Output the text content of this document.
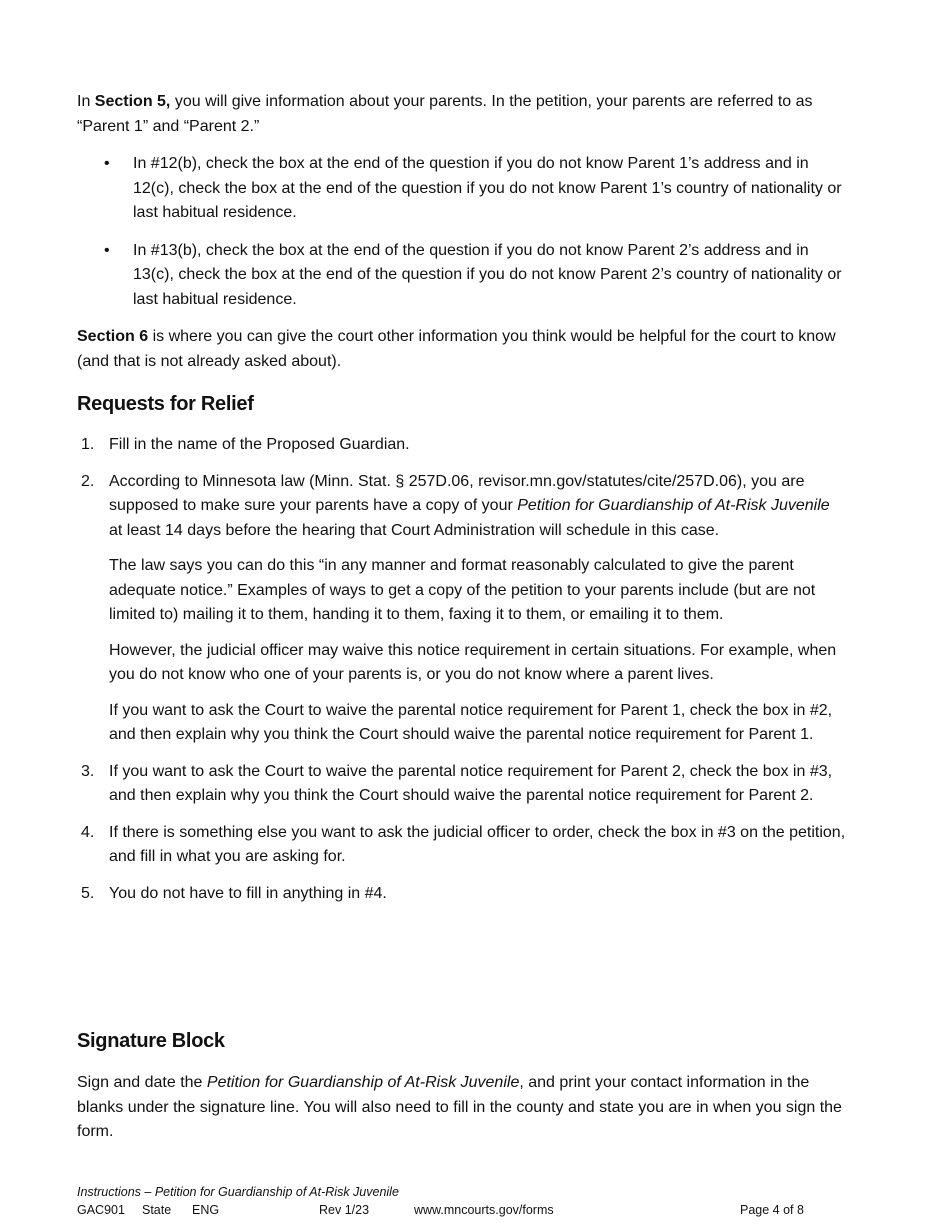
In Section 5, you will give information about your parents. In the petition, your parents are referred to as “Parent 1” and “Parent 2.”

• In #12(b), check the box at the end of the question if you do not know Parent 1’s address and in 12(c), check the box at the end of the question if you do not know Parent 1’s country of nationality or last habitual residence.
• In #13(b), check the box at the end of the question if you do not know Parent 2’s address and in 13(c), check the box at the end of the question if you do not know Parent 2’s country of nationality or last habitual residence.

Section 6 is where you can give the court other information you think would be helpful for the court to know (and that is not already asked about).

Requests for Relief
1. Fill in the name of the Proposed Guardian.
2. According to Minnesota law (Minn. Stat. § 257D.06, revisor.mn.gov/statutes/cite/257D.06), you are supposed to make sure your parents have a copy of your Petition for Guardianship of At-Risk Juvenile at least 14 days before the hearing that Court Administration will schedule in this case.
The law says you can do this “in any manner and format reasonably calculated to give the parent adequate notice.” Examples of ways to get a copy of the petition to your parents include (but are not limited to) mailing it to them, handing it to them, faxing it to them, or emailing it to them.
However, the judicial officer may waive this notice requirement in certain situations. For example, when you do not know who one of your parents is, or you do not know where a parent lives.
If you want to ask the Court to waive the parental notice requirement for Parent 1, check the box in #2, and then explain why you think the Court should waive the parental notice requirement for Parent 1.
3. If you want to ask the Court to waive the parental notice requirement for Parent 2, check the box in #3, and then explain why you think the Court should waive the parental notice requirement for Parent 2.
4. If there is something else you want to ask the judicial officer to order, check the box in #3 on the petition, and fill in what you are asking for.
5. You do not have to fill in anything in #4.
Signature Block

Sign and date the Petition for Guardianship of At-Risk Juvenile, and print your contact information in the blanks under the signature line. You will also need to fill in the county and state you are in when you sign the form.

Instructions – Petition for Guardianship of At-Risk Juvenile
GAC901 State ENG	Rev 1/23	www.mncourts.gov/forms	Page 4 of 8
